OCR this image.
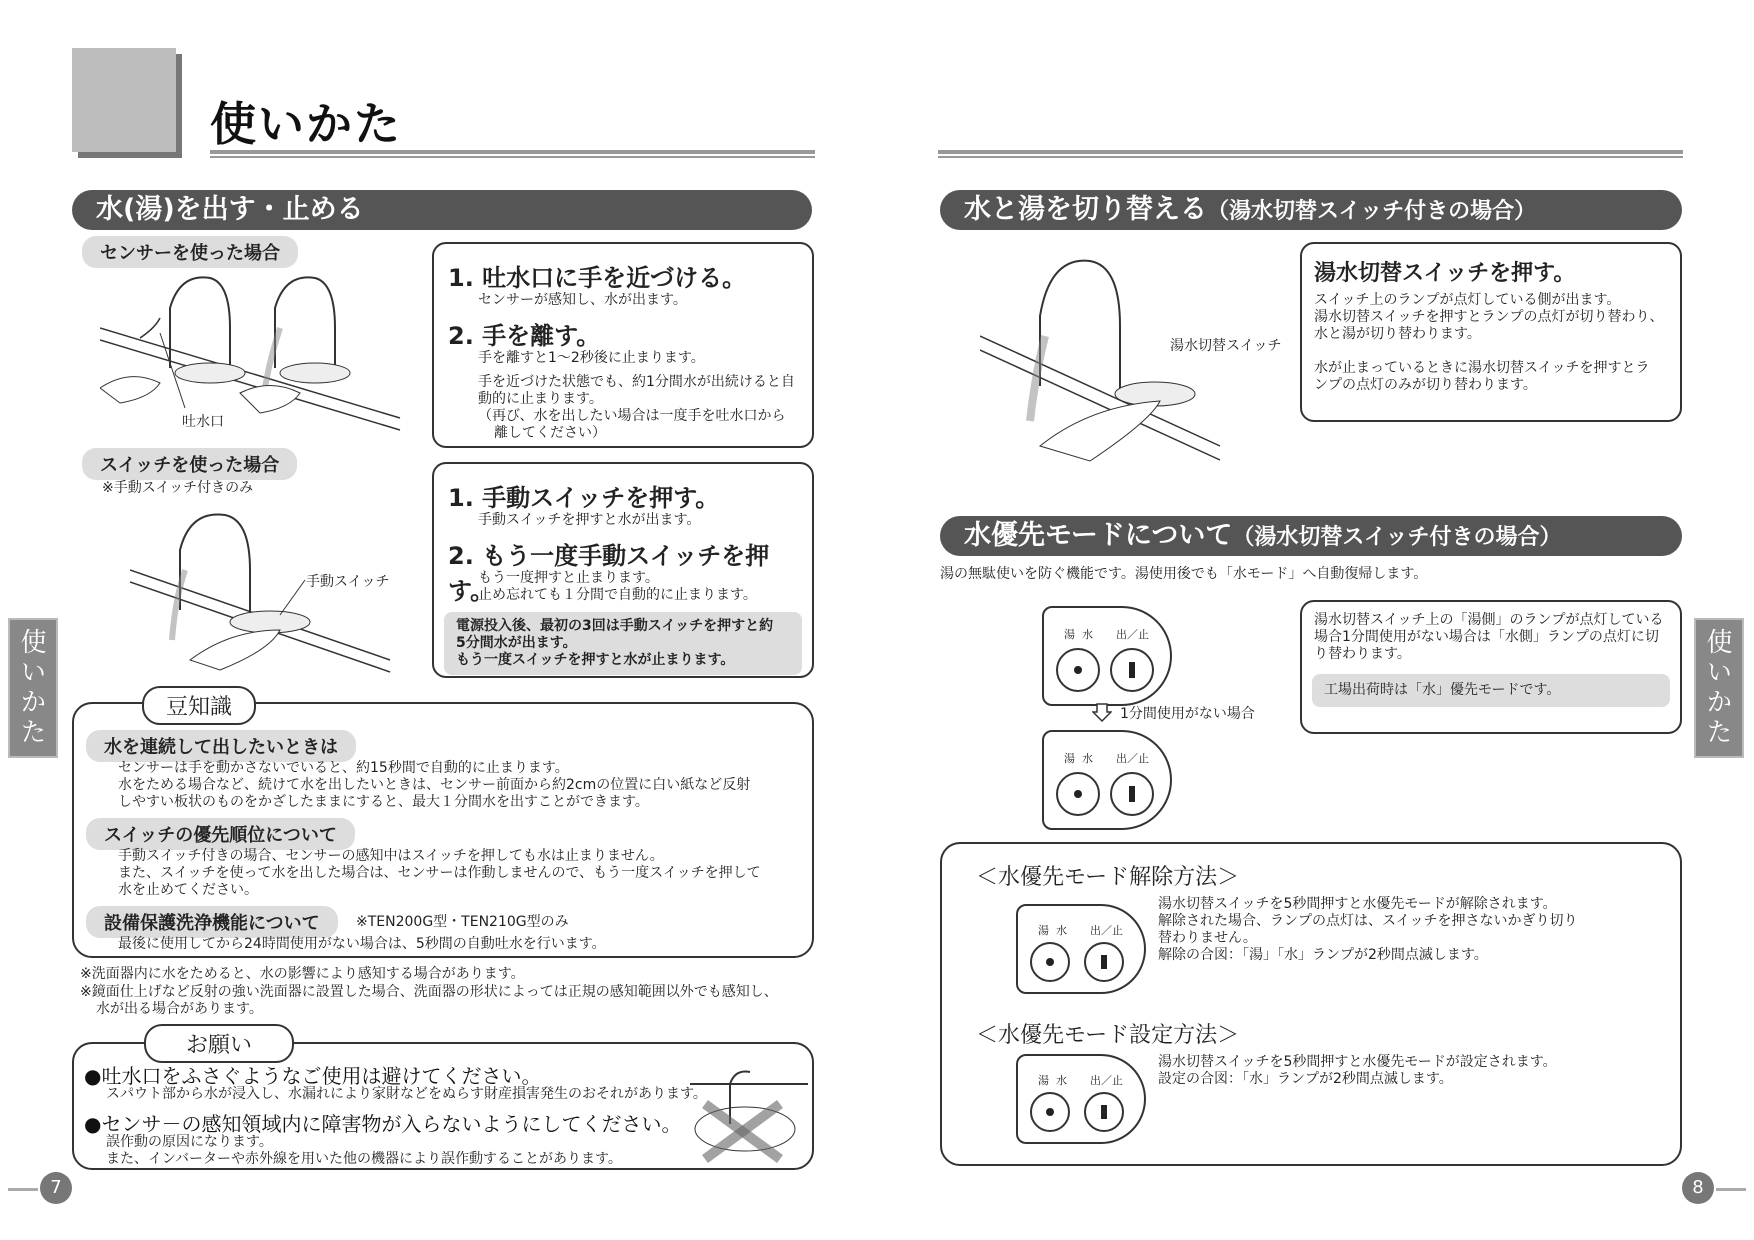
使いかた
水(湯)を出す・止める
センサーを使った場合
吐水口
1. 吐水口に手を近づける。
センサーが感知し、水が出ます。
2. 手を離す。
手を離すと1〜2秒後に止まります。
手を近づけた状態でも、約1分間水が出続けると自
動的に止まります。
（再び、水を出したい場合は一度手を吐水口から
離してください）
スイッチを使った場合
※手動スイッチ付きのみ
手動スイッチ
1. 手動スイッチを押す。
手動スイッチを押すと水が出ます。
2. もう一度手動スイッチを押す。
もう一度押すと止まります。
止め忘れても１分間で自動的に止まります。
電源投入後、最初の3回は手動スイッチを押すと約
5分間水が出ます。
もう一度スイッチを押すと水が止まります。
豆知識
水を連続して出したいときは
センサーは手を動かさないでいると、約15秒間で自動的に止まります。
水をためる場合など、続けて水を出したいときは、センサー前面から約2cmの位置に白い紙など反射
しやすい板状のものをかざしたままにすると、最大１分間水を出すことができます。
スイッチの優先順位について
手動スイッチ付きの場合、センサーの感知中はスイッチを押しても水は止まりません。
また、スイッチを使って水を出した場合は、センサーは作動しませんので、もう一度スイッチを押して
水を止めてください。
設備保護洗浄機能について	※TEN200G型・TEN210G型のみ
最後に使用してから24時間使用がない場合は、5秒間の自動吐水を行います。
※洗面器内に水をためると、水の影響により感知する場合があります。
※鏡面仕上げなど反射の強い洗面器に設置した場合、洗面器の形状によっては正規の感知範囲以外でも感知し、
水が出る場合があります。
お願い
●吐水口をふさぐようなご使用は避けてください。
スパウト部から水が浸入し、水漏れにより家財などをぬらす財産損害発生のおそれがあります。
●センサ－の感知領域内に障害物が入らないようにしてください。
誤作動の原因になります。
また、インバーターや赤外線を用いた他の機器により誤作動することがあります。
使いかた
7
水と湯を切り替える（湯水切替スイッチ付きの場合）
湯水切替スイッチ
湯水切替スイッチを押す。
スイッチ上のランプが点灯している側が出ます。
湯水切替スイッチを押すとランプの点灯が切り替わり、
水と湯が切り替わります。
水が止まっているときに湯水切替スイッチを押すとラ
ンプの点灯のみが切り替わります。
水優先モードについて（湯水切替スイッチ付きの場合）
湯の無駄使いを防ぐ機能です。湯使用後でも「水モード」へ自動復帰します。
湯 水 出／止
1分間使用がない場合
湯 水 出／止
湯水切替スイッチ上の「湯側」のランプが点灯している
場合1分間使用がない場合は「水側」ランプの点灯に切
り替わります。
工場出荷時は「水」優先モードです。
＜水優先モード解除方法＞
湯 水 出／止
湯水切替スイッチを5秒間押すと水優先モードが解除されます。
解除された場合、ランプの点灯は、スイッチを押さないかぎり切り
替わりません。
解除の合図：「湯」「水」ランプが2秒間点滅します。
＜水優先モード設定方法＞
湯 水 出／止
湯水切替スイッチを5秒間押すと水優先モードが設定されます。
設定の合図：「水」ランプが2秒間点滅します。
使いかた
8
